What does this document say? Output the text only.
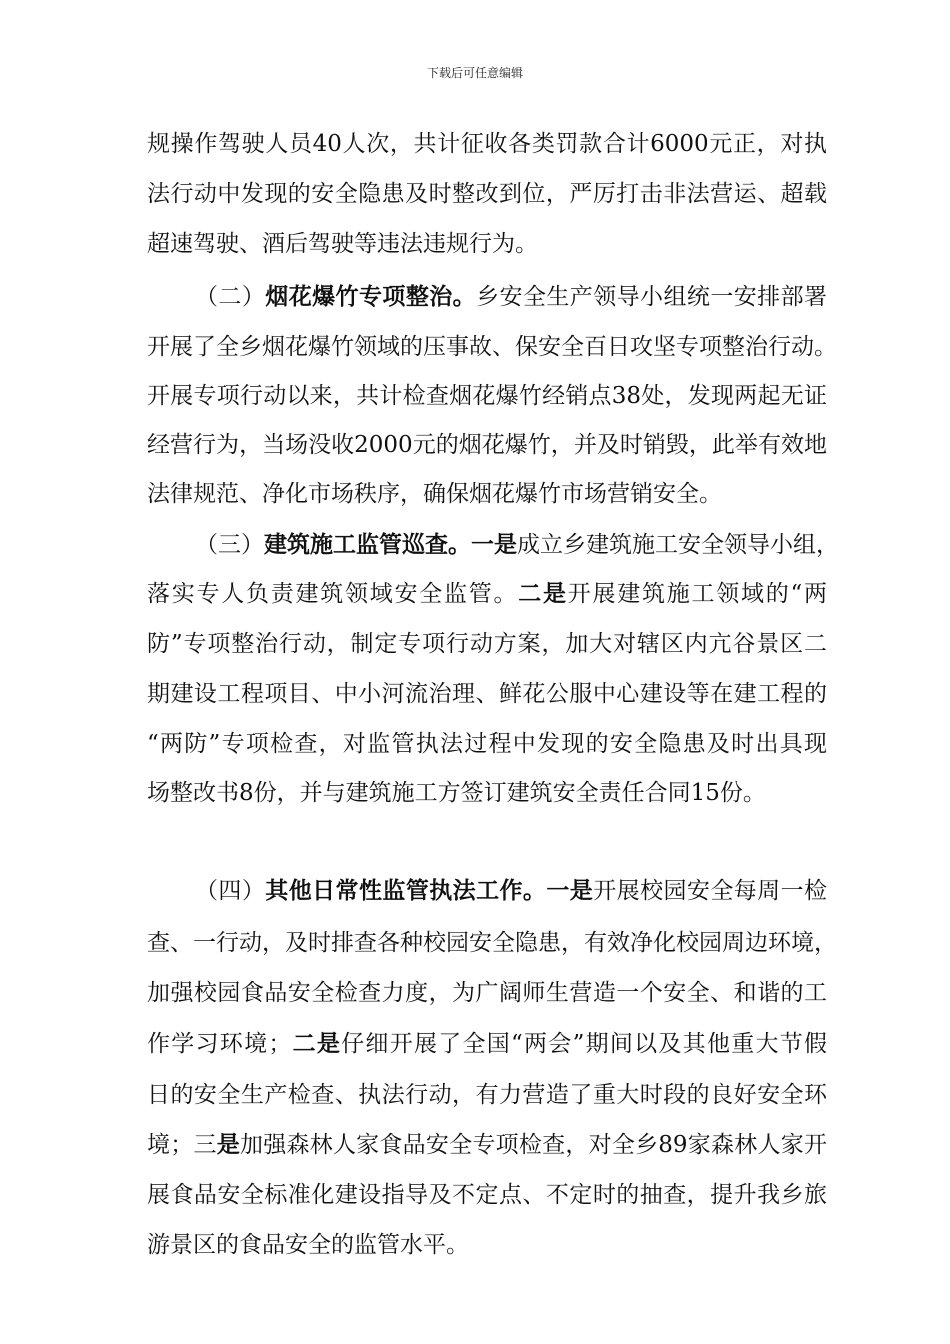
下载后可任意编辑
规操作驾驶人员40人次，共计征收各类罚款合计6000元正，对执
法行动中发现的安全隐患及时整改到位，严厉打击非法营运、超载
超速驾驶、酒后驾驶等违法违规行为。
（二）烟花爆竹专项整治。乡安全生产领导小组统一安排部署
开展了全乡烟花爆竹领域的压事故、保安全百日攻坚专项整治行动。
开展专项行动以来，共计检查烟花爆竹经销点38处，发现两起无证
经营行为，当场没收2000元的烟花爆竹，并及时销毁，此举有效地
法律规范、净化市场秩序，确保烟花爆竹市场营销安全。
（三）建筑施工监管巡查。一是成立乡建筑施工安全领导小组，
落实专人负责建筑领域安全监管。二是开展建筑施工领域的“两
防”专项整治行动，制定专项行动方案，加大对辖区内亢谷景区二
期建设工程项目、中小河流治理、鲜花公服中心建设等在建工程的
“两防”专项检查，对监管执法过程中发现的安全隐患及时出具现
场整改书8份，并与建筑施工方签订建筑安全责任合同15份。
（四）其他日常性监管执法工作。一是开展校园安全每周一检
查、一行动，及时排查各种校园安全隐患，有效净化校园周边环境，
加强校园食品安全检查力度，为广阔师生营造一个安全、和谐的工
作学习环境；二是仔细开展了全国“两会”期间以及其他重大节假
日的安全生产检查、执法行动，有力营造了重大时段的良好安全环
境；三是加强森林人家食品安全专项检查，对全乡89家森林人家开
展食品安全标准化建设指导及不定点、不定时的抽查，提升我乡旅
游景区的食品安全的监管水平。
